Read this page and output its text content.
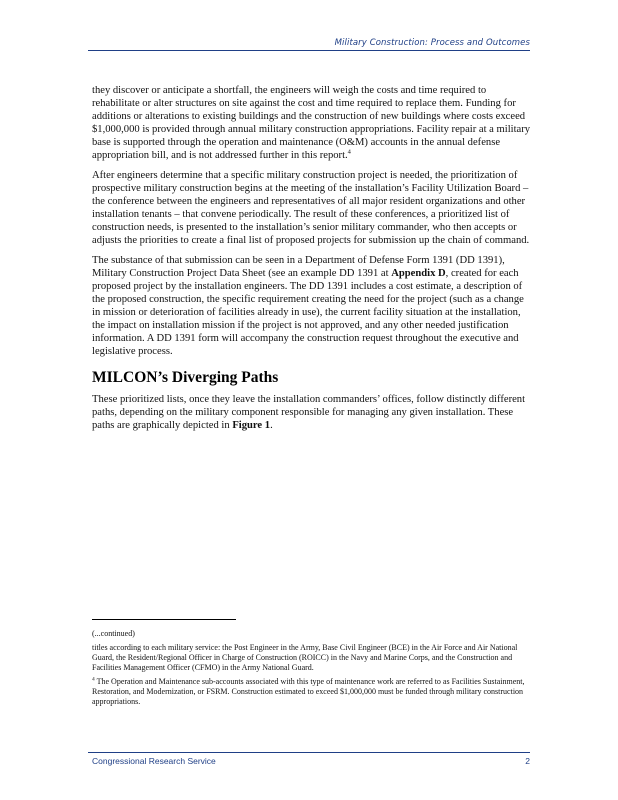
Military Construction: Process and Outcomes

they discover or anticipate a shortfall, the engineers will weigh the costs and time required to rehabilitate or alter structures on site against the cost and time required to replace them. Funding for additions or alterations to existing buildings and the construction of new buildings where costs exceed $1,000,000 is provided through annual military construction appropriations. Facility repair at a military base is supported through the operation and maintenance (O&M) accounts in the annual defense appropriation bill, and is not addressed further in this report.$^4$

After engineers determine that a specific military construction project is needed, the prioritization of prospective military construction begins at the meeting of the installation’s Facility Utilization Board – the conference between the engineers and representatives of all major resident organizations and other installation tenants – that convene periodically. The result of these conferences, a prioritized list of construction needs, is presented to the installation’s senior military commander, who then accepts or adjusts the priorities to create a final list of proposed projects for submission up the chain of command.

The substance of that submission can be seen in a Department of Defense Form 1391 (DD 1391), Military Construction Project Data Sheet (see an example DD 1391 at Appendix D, created for each proposed project by the installation engineers. The DD 1391 includes a cost estimate, a description of the proposed construction, the specific requirement creating the need for the project (such as a change in mission or deterioration of facilities already in use), the current facility situation at the installation, the impact on installation mission if the project is not approved, and any other needed justification information. A DD 1391 form will accompany the construction request throughout the executive and legislative process.

MILCON’s Diverging Paths

These prioritized lists, once they leave the installation commanders’ offices, follow distinctly different paths, depending on the military component responsible for managing any given installation. These paths are graphically depicted in Figure 1.

(...continued)

titles according to each military service: the Post Engineer in the Army, Base Civil Engineer (BCE) in the Air Force and Air National Guard, the Resident/Regional Officer in Charge of Construction (ROICC) in the Navy and Marine Corps, and the Construction and Facilities Management Officer (CFMO) in the Army National Guard.

$^4$ The Operation and Maintenance sub-accounts associated with this type of maintenance work are referred to as Facilities Sustainment, Restoration, and Modernization, or FSRM. Construction estimated to exceed $1,000,000 must be funded through military construction appropriations.

Congressional Research Service	2
